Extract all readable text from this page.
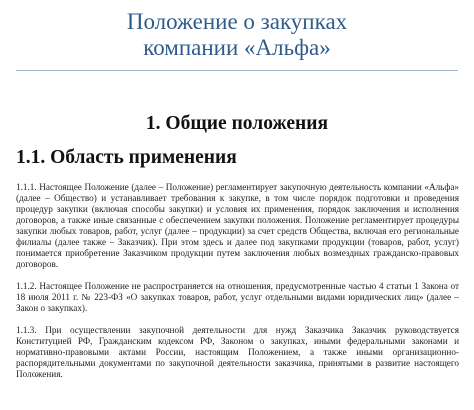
Положение о закупках
компании «Альфа»
1. Общие положения
1.1. Область применения

1.1.1. Настоящее Положение (далее – Положение) регламентирует закупочную деятельность компании «Альфа» (далее – Общество) и устанавливает требования к закупке, в том числе порядок подготовки и проведения процедур закупки (включая способы закупки) и условия их применения, порядок заключения и исполнения договоров, а также иные связанные с обеспечением закупки положения. Положение регламентирует процедуры закупки любых товаров, работ, услуг (далее – продукции) за счет средств Общества, включая его региональные филиалы (далее также – Заказчик). При этом здесь и далее под закупками продукции (товаров, работ, услуг) понимается приобретение Заказчиком продукции путем заключения любых возмездных гражданско-правовых договоров.

1.1.2. Настоящее Положение не распространяется на отношения, предусмотренные частью 4 статьи 1 Закона от 18 июля 2011 г. № 223-ФЗ «О закупках товаров, работ, услуг отдельными видами юридических лиц» (далее – Закон о закупках).

1.1.3. При осуществлении закупочной деятельности для нужд Заказчика Заказчик руководствуется Конституцией РФ, Гражданским кодексом РФ, Законом о закупках, иными федеральными законами и нормативно-правовыми актами России, настоящим Положением, а также иными организационно-распорядительными документами по закупочной деятельности заказчика, принятыми в развитие настоящего Положения.
